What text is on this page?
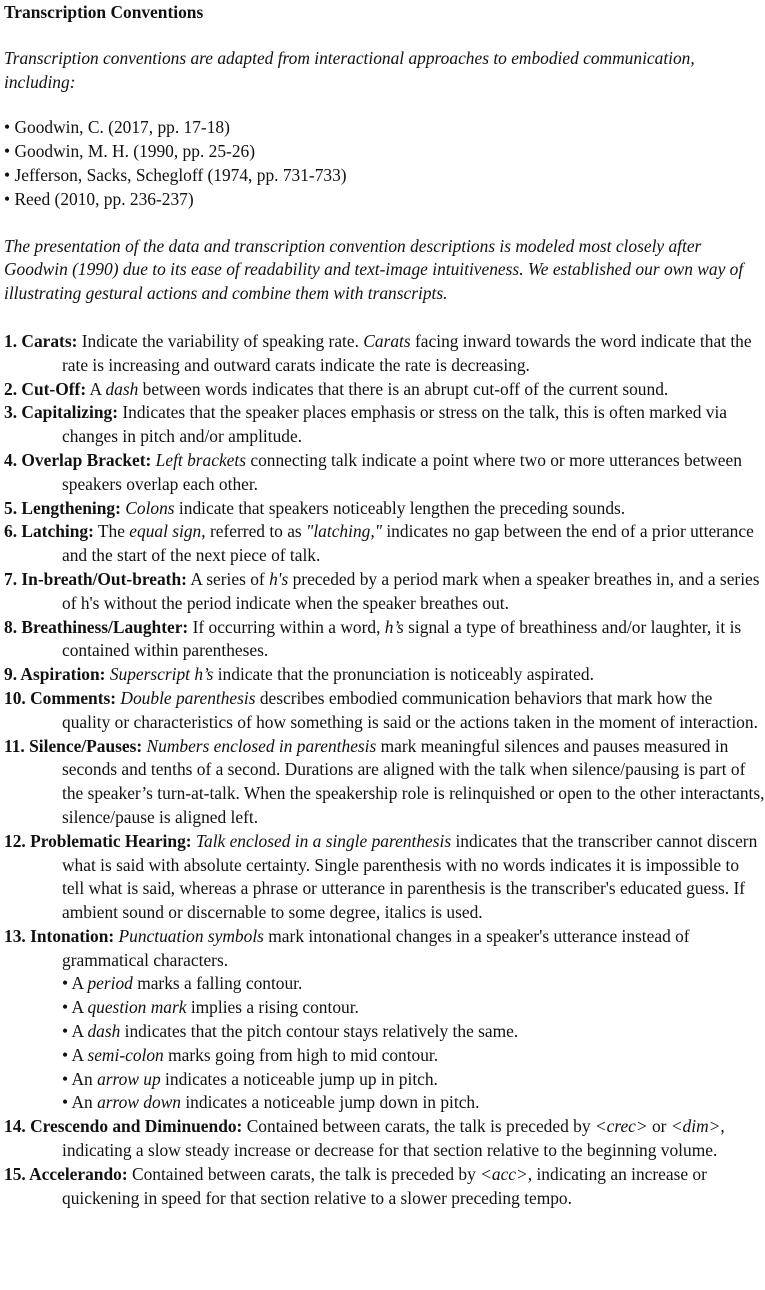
Transcription Conventions

Transcription conventions are adapted from interactional approaches to embodied communication, including:

• Goodwin, C. (2017, pp. 17-18)
• Goodwin, M. H. (1990, pp. 25-26)
• Jefferson, Sacks, Schegloff (1974, pp. 731-733)
• Reed (2010, pp. 236-237)

The presentation of the data and transcription convention descriptions is modeled most closely after Goodwin (1990) due to its ease of readability and text-image intuitiveness. We established our own way of illustrating gestural actions and combine them with transcripts.

1. Carats: Indicate the variability of speaking rate. Carats facing inward towards the word indicate that the rate is increasing and outward carats indicate the rate is decreasing.
2. Cut-Off: A dash between words indicates that there is an abrupt cut-off of the current sound.
3. Capitalizing: Indicates that the speaker places emphasis or stress on the talk, this is often marked via changes in pitch and/or amplitude.
4. Overlap Bracket: Left brackets connecting talk indicate a point where two or more utterances between speakers overlap each other.
5. Lengthening: Colons indicate that speakers noticeably lengthen the preceding sounds.
6. Latching: The equal sign, referred to as "latching," indicates no gap between the end of a prior utterance and the start of the next piece of talk.
7. In-breath/Out-breath: A series of h's preceded by a period mark when a speaker breathes in, and a series of h's without the period indicate when the speaker breathes out.
8. Breathiness/Laughter: If occurring within a word, h’s signal a type of breathiness and/or laughter, it is contained within parentheses.
9. Aspiration: Superscript h’s indicate that the pronunciation is noticeably aspirated.
10. Comments: Double parenthesis describes embodied communication behaviors that mark how the quality or characteristics of how something is said or the actions taken in the moment of interaction.
11. Silence/Pauses: Numbers enclosed in parenthesis mark meaningful silences and pauses measured in seconds and tenths of a second. Durations are aligned with the talk when silence/pausing is part of the speaker’s turn-at-talk. When the speakership role is relinquished or open to the other interactants, silence/pause is aligned left.
12. Problematic Hearing: Talk enclosed in a single parenthesis indicates that the transcriber cannot discern what is said with absolute certainty. Single parenthesis with no words indicates it is impossible to tell what is said, whereas a phrase or utterance in parenthesis is the transcriber's educated guess. If ambient sound or discernable to some degree, italics is used.
13. Intonation: Punctuation symbols mark intonational changes in a speaker's utterance instead of grammatical characters.
• A period marks a falling contour.
• A question mark implies a rising contour.
• A dash indicates that the pitch contour stays relatively the same.
• A semi-colon marks going from high to mid contour.
• An arrow up indicates a noticeable jump up in pitch.
• An arrow down indicates a noticeable jump down in pitch.
14. Crescendo and Diminuendo: Contained between carats, the talk is preceded by <crec> or <dim>, indicating a slow steady increase or decrease for that section relative to the beginning volume.
15. Accelerando: Contained between carats, the talk is preceded by <acc>, indicating an increase or quickening in speed for that section relative to a slower preceding tempo.
